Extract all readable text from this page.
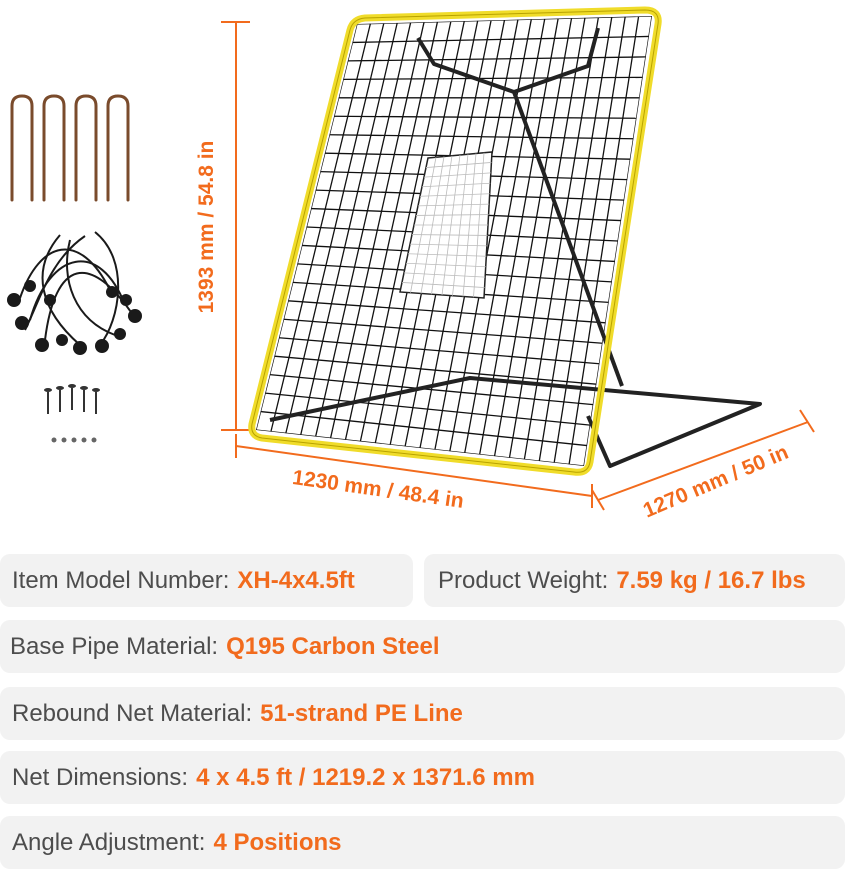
1393 mm / 54.8 in
1230 mm / 48.4 in	1270 mm / 50 in
Item Model Number: XH-4x4.5ft	Product Weight: 7.59 kg / 16.7 lbs
Base Pipe Material: Q195 Carbon Steel
Rebound Net Material: 51-strand PE Line
Net Dimensions: 4 x 4.5 ft / 1219.2 x 1371.6 mm
Angle Adjustment: 4 Positions
